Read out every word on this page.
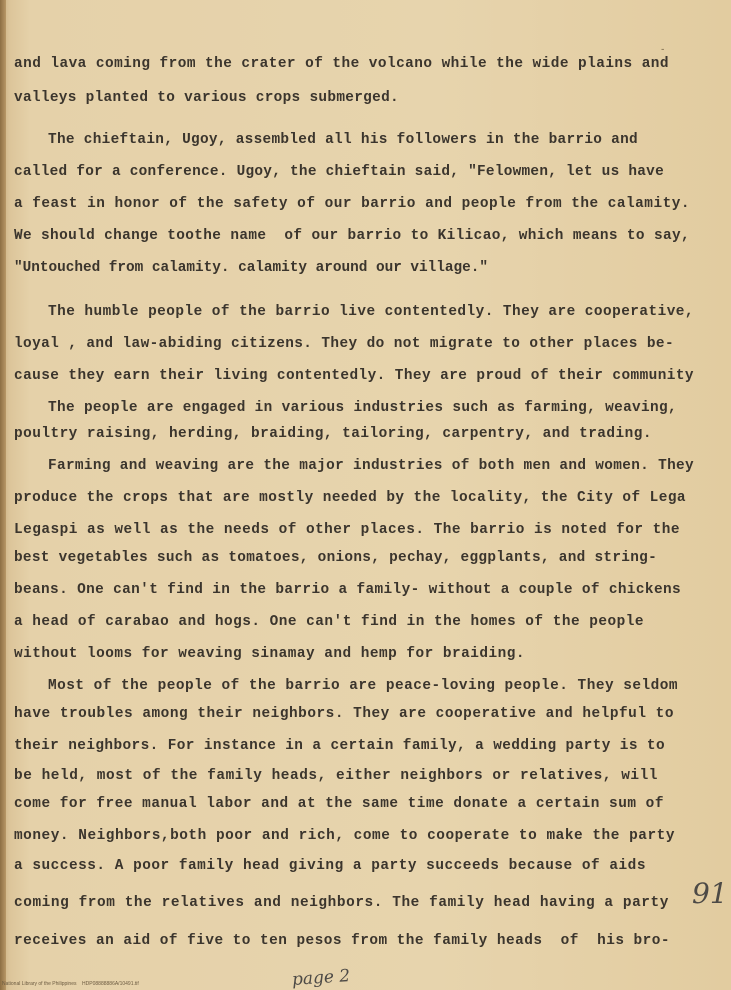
-
and lava coming from the crater of the volcano while the wide plains and
valleys planted to various crops submerged.
The chieftain, Ugoy, assembled all his followers in the barrio and
called for a conference. Ugoy, the chieftain said, "Felowmen, let us have
a feast in honor of the safety of our barrio and people from the calamity.
We should change toothe name  of our barrio to Kilicao, which means to say,
"Untouched from calamity. calamity around our village."
The humble people of the barrio live contentedly. They are cooperative,
loyal , and law-abiding citizens. They do not migrate to other places be-
cause they earn their living contentedly. They are proud of their community
The people are engaged in various industries such as farming, weaving,
poultry raising, herding, braiding, tailoring, carpentry, and trading.
Farming and weaving are the major industries of both men and women. They
produce the crops that are mostly needed by the locality, the City of Lega
Legaspi as well as the needs of other places. The barrio is noted for the
best vegetables such as tomatoes, onions, pechay, eggplants, and string-
beans. One can't find in the barrio a family- without a couple of chickens
a head of carabao and hogs. One can't find in the homes of the people
without looms for weaving sinamay and hemp for braiding.
Most of the people of the barrio are peace-loving people. They seldom
have troubles among their neighbors. They are cooperative and helpful to
their neighbors. For instance in a certain family, a wedding party is to
be held, most of the family heads, either neighbors or relatives, will
come for free manual labor and at the same time donate a certain sum of
money. Neighbors,both poor and rich, come to cooperate to make the party
a success. A poor family head giving a party succeeds because of aids
coming from the relatives and neighbors. The family head having a party
receives an aid of five to ten pesos from the family heads  of  his bro-
91
page 2
National Library of the Philippines    HDP08888886A/10491.tif
